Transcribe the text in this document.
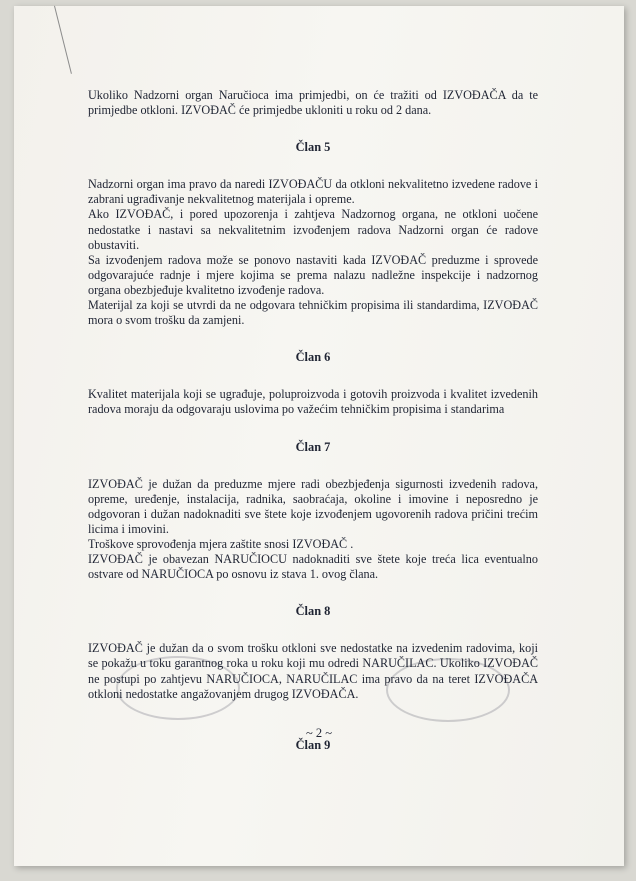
Ukoliko Nadzorni organ Naručioca ima primjedbi, on će tražiti od IZVOĐAČA da te primjedbe otkloni. IZVOĐAČ će primjedbe ukloniti u roku od 2 dana.

Član 5

Nadzorni organ ima pravo da naredi IZVOĐAČU da otkloni nekvalitetno izvedene radove i zabrani ugrađivanje nekvalitetnog materijala i opreme.

Ako IZVOĐAČ, i pored upozorenja i zahtjeva Nadzornog organa, ne otkloni uočene nedostatke i nastavi sa nekvalitetnim izvođenjem radova Nadzorni organ će radove obustaviti.

Sa izvođenjem radova može se ponovo nastaviti kada IZVOĐAČ preduzme i sprovede odgovarajuće radnje i mjere kojima se prema nalazu nadležne inspekcije i nadzornog organa obezbjeđuje kvalitetno izvođenje radova.

Materijal za koji se utvrdi da ne odgovara tehničkim propisima ili standardima, IZVOĐAČ mora o svom trošku da zamjeni.

Član 6

Kvalitet materijala koji se ugrađuje, poluproizvoda i gotovih proizvoda i kvalitet izvedenih radova moraju da odgovaraju uslovima po važećim tehničkim propisima i standarima

Član 7

IZVOĐAČ je dužan da preduzme mjere radi obezbjeđenja sigurnosti izvedenih radova, opreme, uređenje, instalacija, radnika, saobraćaja, okoline i imovine i neposredno je odgovoran i dužan nadoknaditi sve štete koje izvođenjem ugovorenih radova pričini trećim licima i imovini.

Troškove sprovođenja mjera zaštite snosi IZVOĐAČ .

IZVOĐAČ je obavezan NARUČIOCU nadoknaditi sve štete koje treća lica eventualno ostvare od NARUČIOCA po osnovu iz stava 1. ovog člana.

Član 8

IZVOĐAČ je dužan da o svom trošku otkloni sve nedostatke na izvedenim radovima, koji se pokažu u toku garantnog roka u roku koji mu odredi NARUČILAC. Ukoliko IZVOĐAČ ne postupi po zahtjevu NARUČIOCA, NARUČILAC ima pravo da na teret IZVOĐAČA otkloni nedostatke angažovanjem drugog IZVOĐAČA.

Član 9

~ 2 ~
